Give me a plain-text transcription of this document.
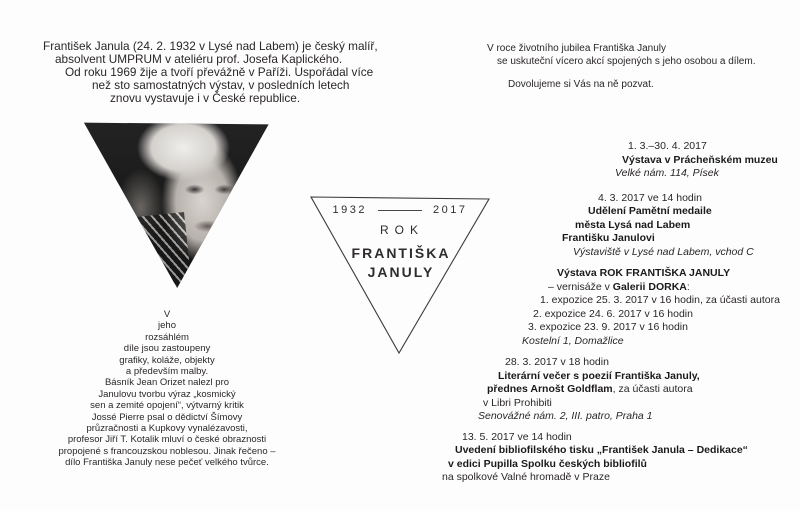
František Janula (24. 2. 1932 v Lysé nad Labem) je český malíř,
absolvent UMPRUM v ateliéru prof. Josefa Kaplického.
Od roku 1969 žije a tvoří převážně v Paříži. Uspořádal více
než sto samostatných výstav, v posledních letech
znovu vystavuje i v České republice.
V roce životního jubilea Františka Januly
se uskuteční vícero akcí spojených s jeho osobou a dílem.
Dovolujeme si Vás na ně pozvat.
1932	2017
ROK
FRANTIŠKA
JANULY
V
jeho
rozsáhlém
díle jsou zastoupeny
grafiky, koláže, objekty
a především malby.
Básník Jean Orizet nalezl pro
Janulovu tvorbu výraz „kosmický
sen a zemité opojení“, výtvarný kritik
Jossé Pierre psal o dědictví Šímovy
průzračnosti a Kupkovy vynalézavosti,
profesor Jiří T. Kotalik mluví o české obraznosti
propojené s francouzskou noblesou. Jinak řečeno –
dílo Františka Januly nese pečeť velkého tvůrce.
1. 3.–30. 4. 2017
Výstava v Prácheňském muzeu
Velké nám. 114, Písek
4. 3. 2017 ve 14 hodin
Udělení Pamětní medaile
města Lysá nad Labem
Františku Janulovi
Výstaviště v Lysé nad Labem, vchod C
Výstava ROK FRANTIŠKA JANULY
– vernisáže v Galerii DORKA:
1. expozice 25. 3. 2017 v 16 hodin, za účasti autora
2. expozice 24. 6. 2017 v 16 hodin
3. expozice 23. 9. 2017 v 16 hodin
Kostelní 1, Domažlice
28. 3. 2017 v 18 hodin
Literární večer s poezií Františka Januly,
přednes Arnošt Goldflam, za účasti autora
v Libri Prohibiti
Senovážné nám. 2, III. patro, Praha 1
13. 5. 2017 ve 14 hodin
Uvedení bibliofilského tisku „František Janula – Dedikace“
v edici Pupilla Spolku českých bibliofilů
na spolkové Valné hromadě v Praze
